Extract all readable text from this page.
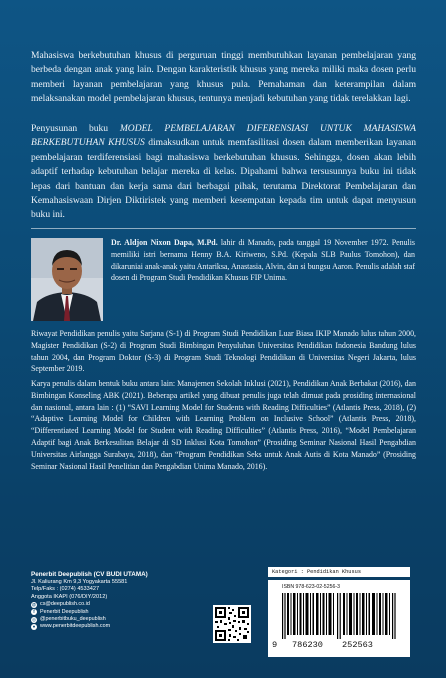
Mahasiswa berkebutuhan khusus di perguruan tinggi membutuhkan layanan pembelajaran yang berbeda dengan anak yang lain. Dengan karakteristik khusus yang mereka miliki maka dosen perlu memberi layanan pembelajaran yang khusus pula. Pemahaman dan keterampilan dalam melaksanakan model pembelajaran khusus, tentunya menjadi kebutuhan yang tidak terelakkan lagi.

Penyusunan buku MODEL PEMBELAJARAN DIFERENSIASI UNTUK MAHASISWA BERKEBUTUHAN KHUSUS dimaksudkan untuk memfasilitasi dosen dalam memberikan layanan pembelajaran terdiferensiasi bagi mahasiswa berkebutuhan khusus. Sehingga, dosen akan lebih adaptif terhadap kebutuhan belajar mereka di kelas. Dipahami bahwa tersusunnya buku ini tidak lepas dari bantuan dan kerja sama dari berbagai pihak, terutama Direktorat Pembelajaran dan Kemahasiswaan Dirjen Diktiristek yang memberi kesempatan kepada tim untuk dapat menyusun buku ini.

Dr. Aldjon Nixon Dapa, M.Pd. lahir di Manado, pada tanggal 19 November 1972. Penulis memiliki istri bernama Henny B.A. Kiriweno, S.Pd. (Kepala SLB Paulus Tomohon), dan dikaruniai anak-anak yaitu Antariksa, Anastasia, Alvin, dan si bungsu Aaron. Penulis adalah staf dosen di Program Studi Pendidikan Khusus FIP Unima.

Riwayat Pendidikan penulis yaitu Sarjana (S-1) di Program Studi Pendidikan Luar Biasa IKIP Manado lulus tahun 2000, Magister Pendidikan (S-2) di Program Studi Bimbingan Penyuluhan Universitas Pendidikan Indonesia Bandung lulus tahun 2004, dan Program Doktor (S-3) di Program Studi Teknologi Pendidikan di Universitas Negeri Jakarta, lulus September 2019.

Karya penulis dalam bentuk buku antara lain: Manajemen Sekolah Inklusi (2021), Pendidikan Anak Berbakat (2016), dan Bimbingan Konseling ABK (2021). Beberapa artikel yang dibuat penulis juga telah dimuat pada prosiding internasional dan nasional, antara lain : (1) “SAVI Learning Model for Students with Reading Difficulties” (Atlantis Press, 2018), (2) “Adaptive Learning Model for Children with Learning Problem on Inclusive School” (Atlantis Press, 2018), “Differentiated Learning Model for Student with Reading Difficulties” (Atlantis Press, 2016), “Model Pembelajaran Adaptif bagi Anak Berkesulitan Belajar di SD Inklusi Kota Tomohon” (Prosiding Seminar Nasional Hasil Pengabdian Universitas Airlangga Surabaya, 2018), dan “Program Pendidikan Seks untuk Anak Autis di Kota Manado” (Prosiding Seminar Nasional Hasil Penelitian dan Pengabdian Unima Manado, 2016).

Penerbit Deepublish (CV BUDI UTAMA)

Jl. Kaliurang Km 9,3 Yogyakarta 55581

Telp/Faks : (0274) 4533427

Anggota IKAPI (076/DIY/2012)

@ cs@deepublish.co.id
f Penerbit Deepublish
◎ @penerbitbuku_deepublish
● www.penerbitdeepublish.com
Kategori : Pendidikan Khusus

ISBN 978-623-02-5256-3

9 786230 252563
